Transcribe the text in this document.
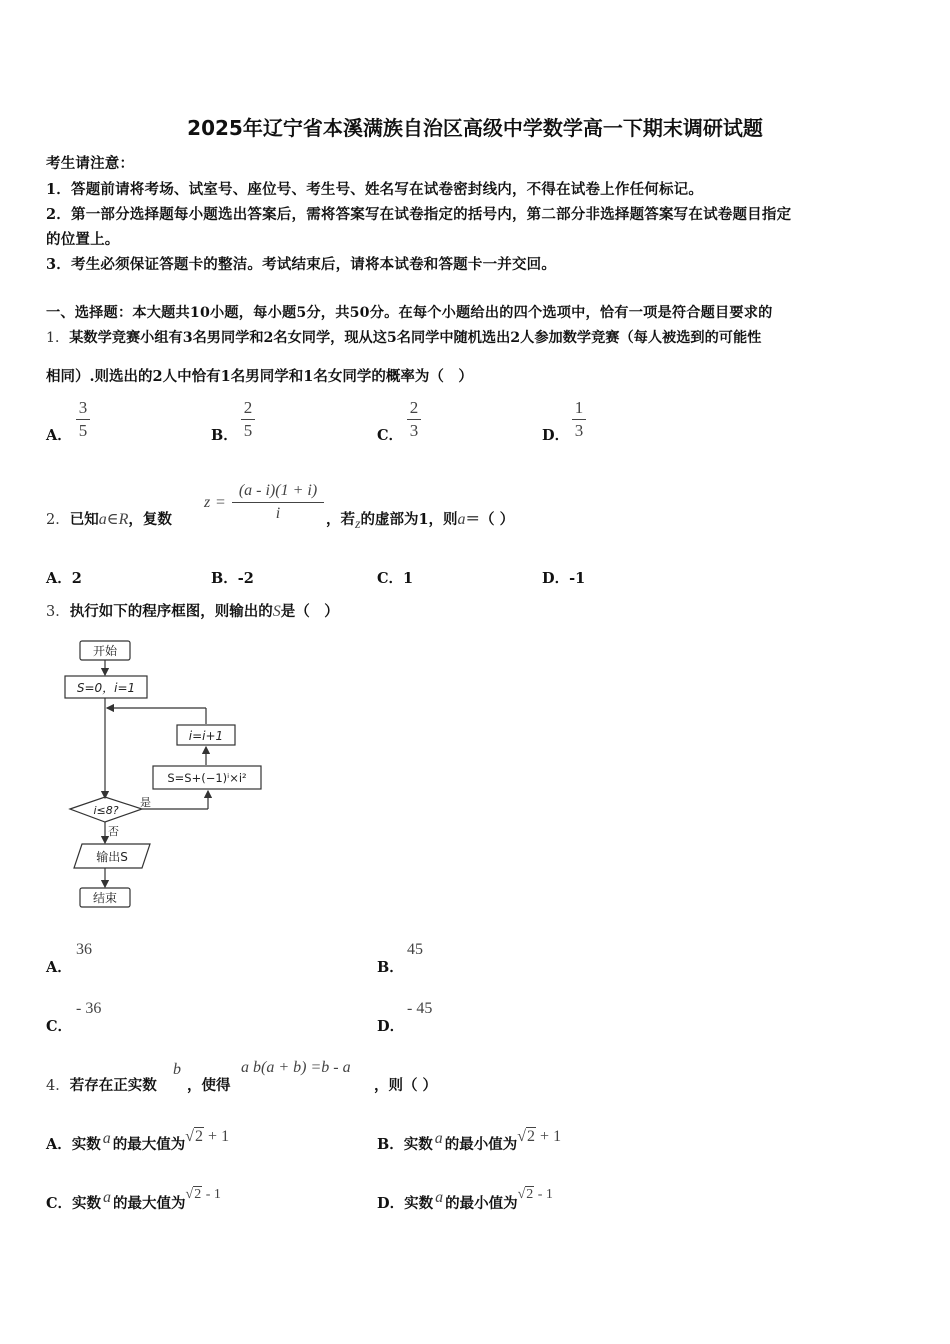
2025年辽宁省本溪满族自治区高级中学数学高一下期末调研试题
考生请注意：
1．答题前请将考场、试室号、座位号、考生号、姓名写在试卷密封线内，不得在试卷上作任何标记。
2．第一部分选择题每小题选出答案后，需将答案写在试卷指定的括号内，第二部分非选择题答案写在试卷题目指定
的位置上。
3．考生必须保证答题卡的整洁。考试结束后，请将本试卷和答题卡一并交回。
一、选择题：本大题共10小题，每小题5分，共50分。在每个小题给出的四个选项中，恰有一项是符合题目要求的
1．某数学竞赛小组有3名男同学和2名女同学，现从这5名同学中随机选出2人参加数学竞赛（每人被选到的可能性
相同）.则选出的2人中恰有1名男同学和1名女同学的概率为（　）
A．
3
5	B．
2
5	C．
2
3	D．
1
3
2．已知a∈R，复数
z =
(a - i)(1 + i)
i	，若z的虚部为1，则a＝（ ）
A．2	B．-2	C．1	D．-1
3．执行如下的程序框图，则输出的S是（　）
开始
S=0，i=1
i=i+1
S=S+(−1)ⁱ×i²
i≤8?
是
否
输出S
结束
A．
36
B．
45
C．
- 36
D．
- 45
4．若存在正实数
b
，使得
a b(a + b) =b - a
，则（ ）
A．实数 a 的最大值为√2 + 1	B．实数 a 的最小值为√2 + 1
C．实数 a 的最大值为√2 - 1
D．实数 a 的最小值为√2 - 1
